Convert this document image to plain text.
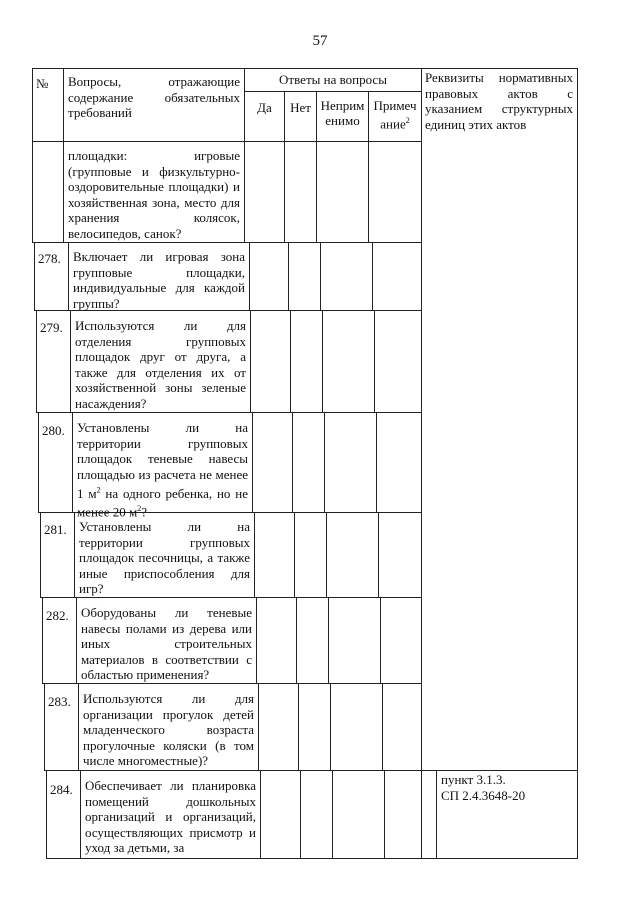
57
№ Вопросы, отражающие
содержание обязательных

требований
Ответы на вопросы
Да	Нет Неприм
енимо
Примеч
ание$^2$
Реквизиты нормативных
правовых актов с
указанием структурных

единиц этих актов
площадки: игровые
(групповые и физкультурно-
оздоровительные площадки) и
хозяйственная зона, место для
хранения колясок,

велосипедов, санок?
278. Включает ли игровая зона
групповые площадки,
индивидуальные для каждой

группы?
279. Используются ли для
отделения групповых
площадок друг от друга, а
также для отделения их от
хозяйственной зоны зеленые

насаждения?
280. Установлены ли на
территории групповых
площадок теневые навесы
площадью из расчета не менее
1 $м^2$ на одного ребенка, но не

менее 20 $м^2$?
281. Установлены ли на
территории групповых
площадок песочницы, а также
иные приспособления для

игр?
282. Оборудованы ли теневые
навесы полами из дерева или
иных строительных
материалов в соответствии с

областью применения?
283. Используются ли для
организации прогулок детей
младенческого возраста
прогулочные коляски (в том

числе многоместные)?
284. Обеспечивает ли планировка
помещений дошкольных
организаций и организаций,
осуществляющих присмотр и

уход за детьми, за
пункт 3.1.3.
СП 2.4.3648-20
